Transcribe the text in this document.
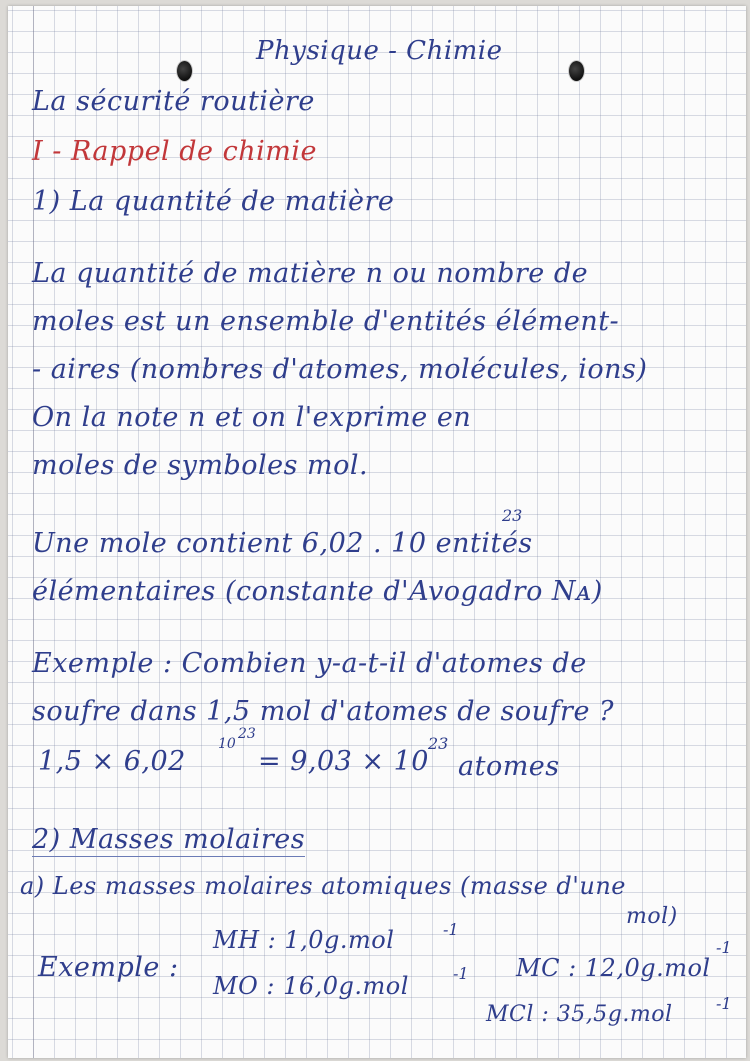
Physique - Chimie
La sécurité routière
I - Rappel de chimie
1) La quantité de matière
La quantité de matière n ou nombre de
moles est un ensemble d'entités élément-
- aires (nombres d'atomes, molécules, ions)
On la note n et on l'exprime en
moles de symboles mol.
23
Une mole contient 6,02 . 10 entités
élémentaires (constante d'Avogadro Nᴀ)
Exemple : Combien y-a-t-il d'atomes de
soufre dans 1,5 mol d'atomes de soufre ?
1,5 × 6,02
10
23
= 9,03 × 10
23
atomes
2) Masses molaires
a) Les masses molaires atomiques (masse d'une
mol)
Exemple :
MH : 1,0g.mol	-1
MO : 16,0g.mol	-1 MC : 12,0g.mol
-1
MCl : 35,5g.mol	-1
